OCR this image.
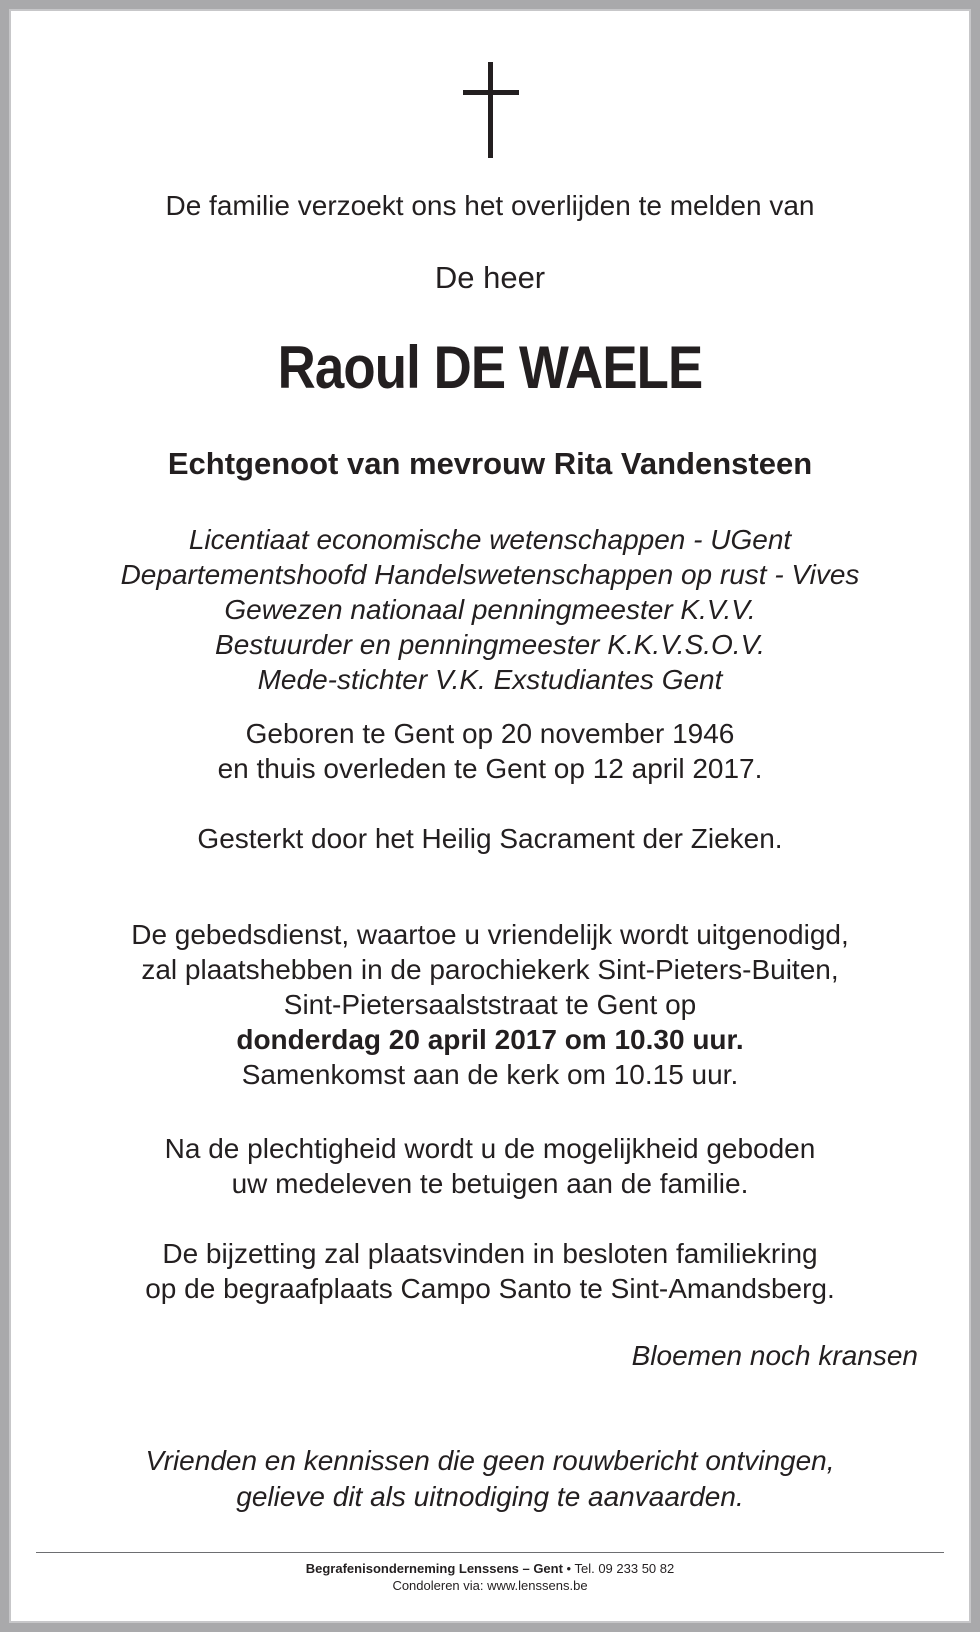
De familie verzoekt ons het overlijden te melden van
De heer
Raoul DE WAELE
Echtgenoot van mevrouw Rita Vandensteen
Licentiaat economische wetenschappen - UGent
Departementshoofd Handelswetenschappen op rust - Vives
Gewezen nationaal penningmeester K.V.V.
Bestuurder en penningmeester K.K.V.S.O.V.
Mede-stichter V.K. Exstudiantes Gent
Geboren te Gent op 20 november 1946
en thuis overleden te Gent op 12 april 2017.
Gesterkt door het Heilig Sacrament der Zieken.
De gebedsdienst, waartoe u vriendelijk wordt uitgenodigd,
zal plaatshebben in de parochiekerk Sint-Pieters-Buiten,
Sint-Pietersaalststraat te Gent op
donderdag 20 april 2017 om 10.30 uur.
Samenkomst aan de kerk om 10.15 uur.
Na de plechtigheid wordt u de mogelijkheid geboden
uw medeleven te betuigen aan de familie.
De bijzetting zal plaatsvinden in besloten familiekring
op de begraafplaats Campo Santo te Sint-Amandsberg.
Bloemen noch kransen
Vrienden en kennissen die geen rouwbericht ontvingen,
gelieve dit als uitnodiging te aanvaarden.
Begrafenisonderneming Lenssens – Gent • Tel. 09 233 50 82
Condoleren via: www.lenssens.be
